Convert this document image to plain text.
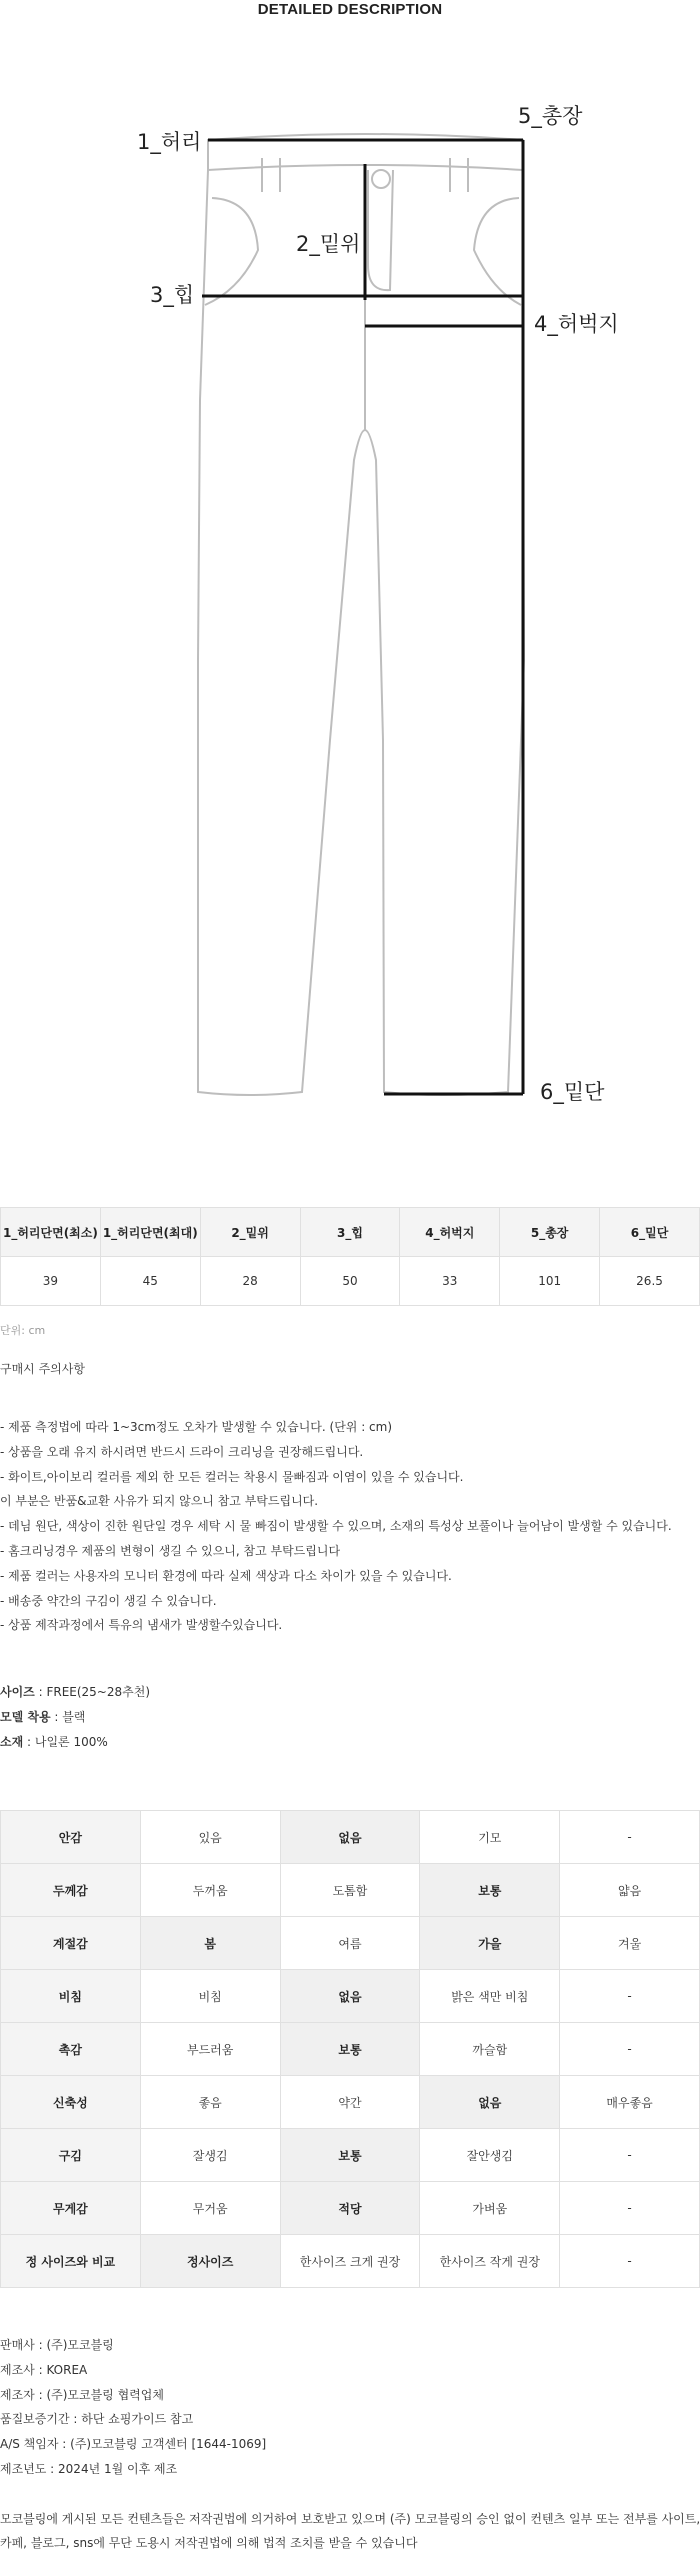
DETAILED DESCRIPTION
1_허리
5_총장
2_밑위
3_힙
4_허벅지
6_밑단
1_허리단면(최소)	1_허리단면(최대)	2_밑위	3_힙	4_허벅지	5_총장	6_밑단
39	45	28	50	33	101	26.5
단위: cm
구매시 주의사항
- 제품 측정법에 따라 1~3cm정도 오차가 발생할 수 있습니다. (단위 : cm)
- 상품을 오래 유지 하시려면 반드시 드라이 크리닝을 권장해드립니다.
- 화이트,아이보리 컬러를 제외 한 모든 컬러는 착용시 물빠짐과 이염이 있을 수 있습니다.
이 부분은 반품&교환 사유가 되지 않으니 참고 부탁드립니다.
- 데님 원단, 색상이 진한 원단일 경우 세탁 시 물 빠짐이 발생할 수 있으며, 소재의 특성상 보풀이나 늘어남이 발생할 수 있습니다.
- 홈크리닝경우 제품의 변형이 생길 수 있으니, 참고 부탁드립니다
- 제품 컬러는 사용자의 모니터 환경에 따라 실제 색상과 다소 차이가 있을 수 있습니다.
- 배송중 약간의 구김이 생길 수 있습니다.
- 상품 제작과정에서 특유의 냄새가 발생할수있습니다.
사이즈 : FREE(25~28추천)
모델 착용 : 블랙
소재 : 나일론 100%
안감	있음	없음	기모	-
두께감	두꺼움	도톰함	보통	얇음
계절감	봄	여름	가을	겨울
비침	비침	없음	밝은 색만 비침	-
촉감	부드러움	보통	까슬함	-
신축성	좋음	약간	없음	매우좋음
구김	잘생김	보통	잘안생김	-
무게감	무거움	적당	가벼움	-
정 사이즈와 비교	정사이즈	한사이즈 크게 권장	한사이즈 작게 권장	-
판매사 : (주)모코블링
제조사 : KOREA
제조자 : (주)모코블링 협력업체
품질보증기간 : 하단 쇼핑가이드 참고
A/S 책임자 : (주)모코블링 고객센터 [1644-1069]
제조년도 : 2024년 1월 이후 제조
모코블링에 게시된 모든 컨텐츠들은 저작권법에 의거하여 보호받고 있으며 (주) 모코블링의 승인 없이 컨텐츠 일부 또는 전부를 사이트,
카페, 블로그, sns에 무단 도용시 저작권법에 의해 법적 조치를 받을 수 있습니다
